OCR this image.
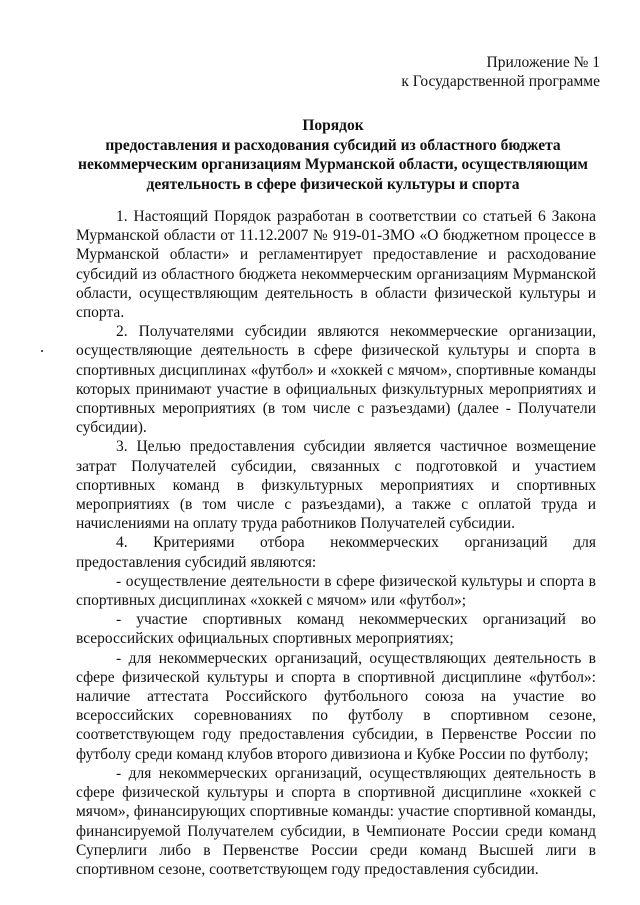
Приложение № 1
к Государственной программе
Порядок
предоставления и расходования субсидий из областного бюджета
некоммерческим организациям Мурманской области, осуществляющим
деятельность в сфере физической культуры и спорта

1. Настоящий Порядок разработан в соответствии со статьей 6 Закона Мурманской области от 11.12.2007 № 919-01-ЗМО «О бюджетном процессе в Мурманской области» и регламентирует предоставление и расходование субсидий из областного бюджета некоммерческим организациям Мурманской области, осуществляющим деятельность в области физической культуры и спорта.

2. Получателями субсидии являются некоммерческие организации, осуществляющие деятельность в сфере физической культуры и спорта в спортивных дисциплинах «футбол» и «хоккей с мячом», спортивные команды которых принимают участие в официальных физкультурных мероприятиях и спортивных мероприятиях (в том числе с разъездами) (далее - Получатели субсидии).

3. Целью предоставления субсидии является частичное возмещение затрат Получателей субсидии, связанных с подготовкой и участием спортивных команд в физкультурных мероприятиях и спортивных мероприятиях (в том числе с разъездами), а также с оплатой труда и начислениями на оплату труда работников Получателей субсидии.

4. Критериями отбора некоммерческих организаций для предоставления субсидий являются:

- осуществление деятельности в сфере физической культуры и спорта в спортивных дисциплинах «хоккей с мячом» или «футбол»;

- участие спортивных команд некоммерческих организаций во всероссийских официальных спортивных мероприятиях;

- для некоммерческих организаций, осуществляющих деятельность в сфере физической культуры и спорта в спортивной дисциплине «футбол»: наличие аттестата Российского футбольного союза на участие во всероссийских соревнованиях по футболу в спортивном сезоне, соответствующем году предоставления субсидии, в Первенстве России по футболу среди команд клубов второго дивизиона и Кубке России по футболу;

- для некоммерческих организаций, осуществляющих деятельность в сфере физической культуры и спорта в спортивной дисциплине «хоккей с мячом», финансирующих спортивные команды: участие спортивной команды, финансируемой Получателем субсидии, в Чемпионате России среди команд Суперлиги либо в Первенстве России среди команд Высшей лиги в спортивном сезоне, соответствующем году предоставления субсидии.
